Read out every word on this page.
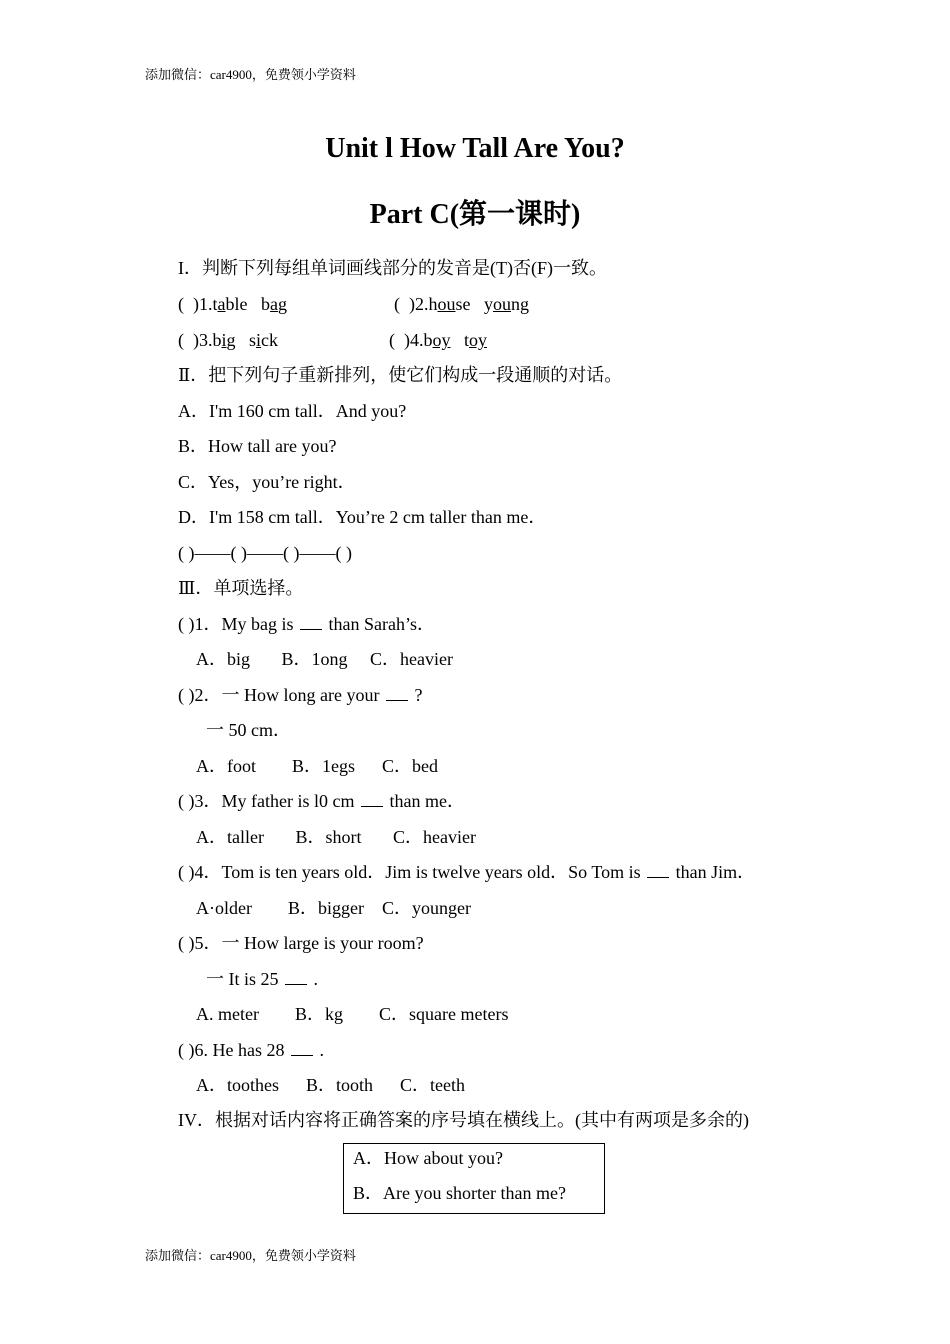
添加微信：car4900，免费领小学资料
Unit l How Tall Are You?
Part C(第一课时)
I．判断下列每组单词画线部分的发音是(T)否(F)一致。
(  )1.table bag	(  )2.house young
(  )3.big sick	(  )4.boy toy
Ⅱ．把下列句子重新排列，使它们构成一段通顺的对话。
A．I'm 160 cm tall．And you?
B．How tall are you?
C．Yes，you’re right．
D．I'm 158 cm tall．You’re 2 cm taller than me．
( )——( )——( )——( )
Ⅲ．单项选择。
( )1．My bag is than Sarah’s．
A．big B．1ong C．heavier
( )2．一 How long are your ?
一 50 cm．
A．foot B．1egs C．bed
( )3．My father is l0 cm than me．
A．taller B．short C．heavier
( )4．Tom is ten years old．Jim is twelve years old．So Tom is than Jim．
A·older B．bigger C．younger
( )5．一 How large is your room?
一 It is 25 .
A. meter B．kg C．square meters
( )6. He has 28 .
A．toothes B．tooth C．teeth
IV．根据对话内容将正确答案的序号填在横线上。(其中有两项是多余的)
A．How about you?
B．Are you shorter than me?
添加微信：car4900，免费领小学资料
